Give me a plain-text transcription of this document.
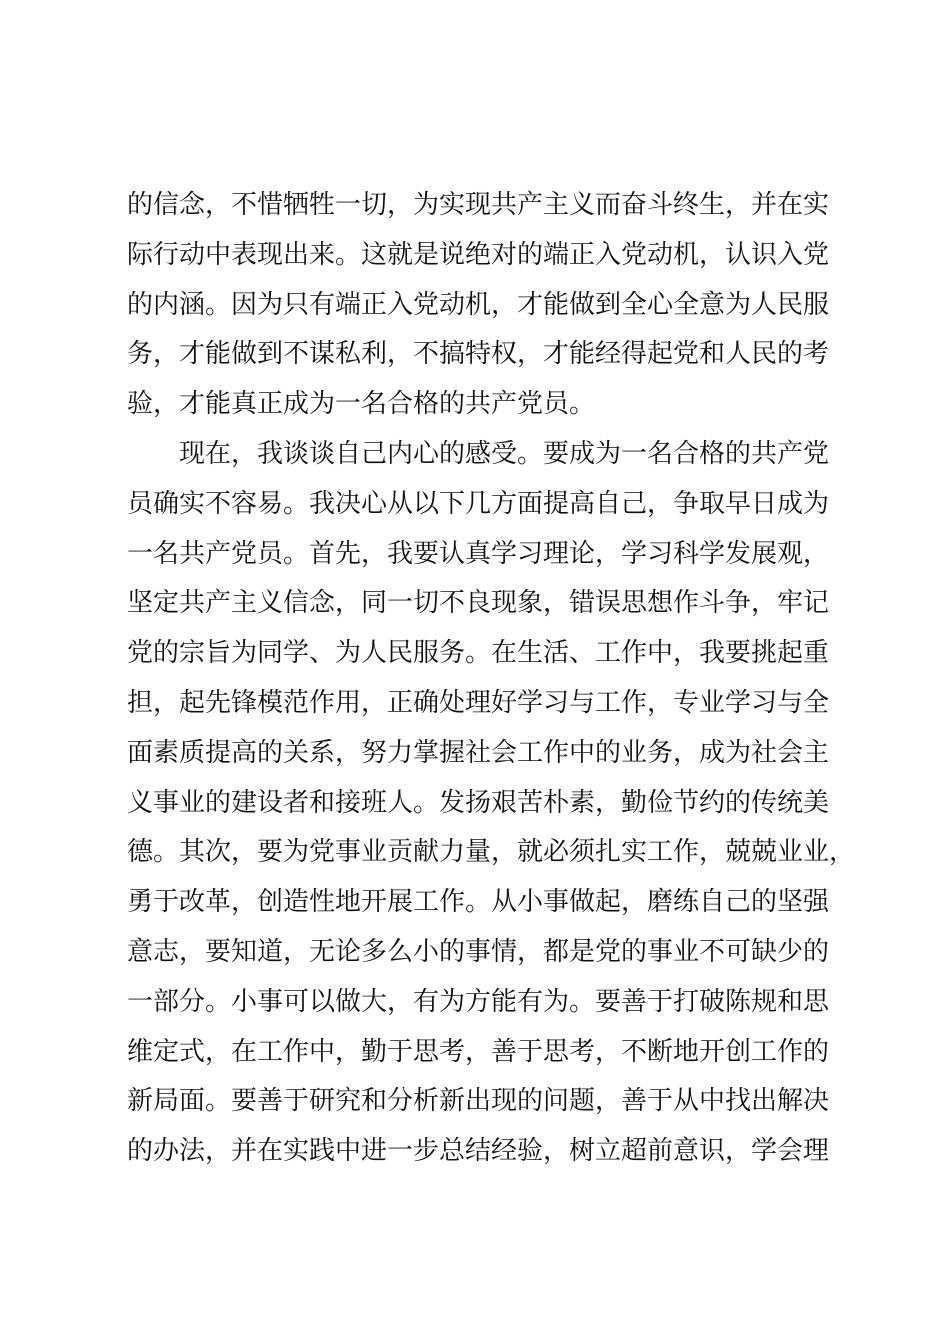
的信念，不惜牺牲一切，为实现共产主义而奋斗终生，并在实
际行动中表现出来。这就是说绝对的端正入党动机，认识入党
的内涵。因为只有端正入党动机，才能做到全心全意为人民服
务，才能做到不谋私利，不搞特权，才能经得起党和人民的考
验，才能真正成为一名合格的共产党员。
现在，我谈谈自己内心的感受。要成为一名合格的共产党
员确实不容易。我决心从以下几方面提高自己，争取早日成为
一名共产党员。首先，我要认真学习理论，学习科学发展观，
坚定共产主义信念，同一切不良现象，错误思想作斗争，牢记
党的宗旨为同学、为人民服务。在生活、工作中，我要挑起重
担，起先锋模范作用，正确处理好学习与工作，专业学习与全
面素质提高的关系，努力掌握社会工作中的业务，成为社会主
义事业的建设者和接班人。发扬艰苦朴素，勤俭节约的传统美
德。其次，要为党事业贡献力量，就必须扎实工作，兢兢业业，
勇于改革，创造性地开展工作。从小事做起，磨练自己的坚强
意志，要知道，无论多么小的事情，都是党的事业不可缺少的
一部分。小事可以做大，有为方能有为。要善于打破陈规和思
维定式，在工作中，勤于思考，善于思考，不断地开创工作的
新局面。要善于研究和分析新出现的问题，善于从中找出解决
的办法，并在实践中进一步总结经验，树立超前意识，学会理
